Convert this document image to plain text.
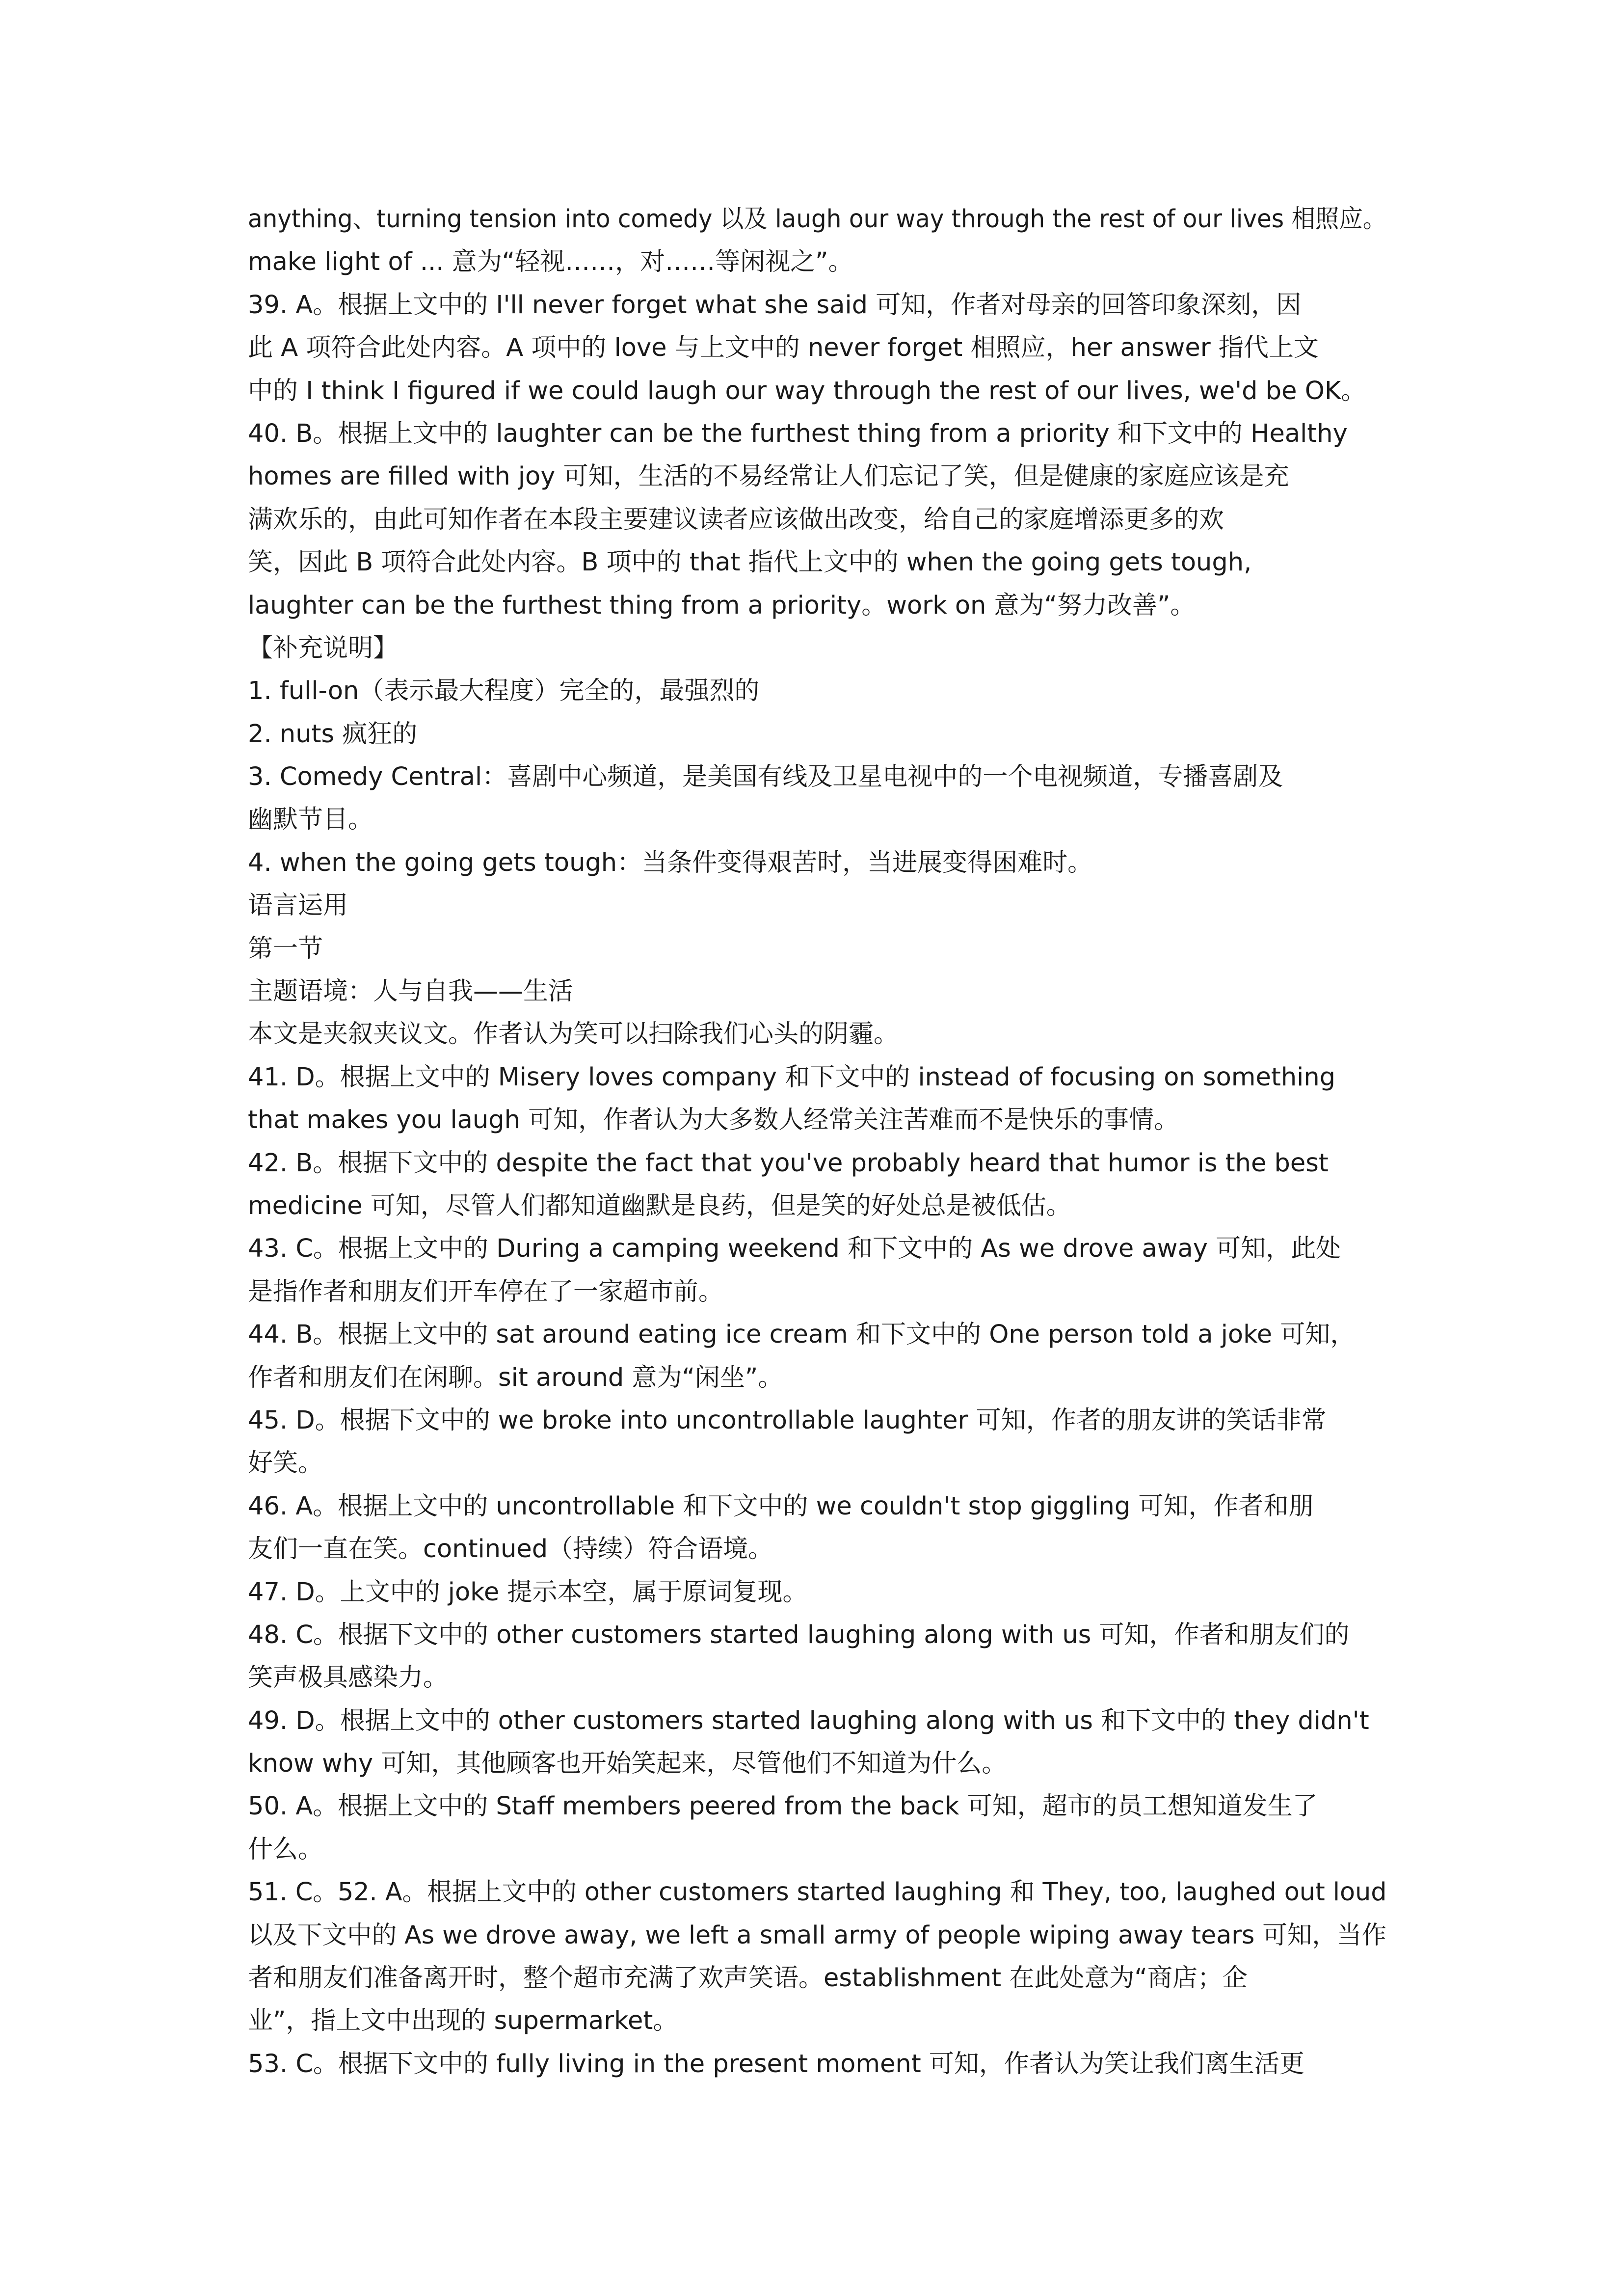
anything、turning tension into comedy 以及 laugh our way through the rest of our lives 相照应。
make light of ... 意为“轻视……，对……等闲视之”。
39. A。根据上文中的 I'll never forget what she said 可知，作者对母亲的回答印象深刻，因
此 A 项符合此处内容。A 项中的 love 与上文中的 never forget 相照应，her answer 指代上文
中的 I think I figured if we could laugh our way through the rest of our lives, we'd be OK。
40. B。根据上文中的 laughter can be the furthest thing from a priority 和下文中的 Healthy
homes are filled with joy 可知，生活的不易经常让人们忘记了笑，但是健康的家庭应该是充
满欢乐的，由此可知作者在本段主要建议读者应该做出改变，给自己的家庭增添更多的欢
笑，因此 B 项符合此处内容。B 项中的 that 指代上文中的 when the going gets tough,
laughter can be the furthest thing from a priority。work on 意为“努力改善”。
【补充说明】
1. full-on（表示最大程度）完全的，最强烈的
2. nuts 疯狂的
3. Comedy Central：喜剧中心频道，是美国有线及卫星电视中的一个电视频道，专播喜剧及
幽默节目。
4. when the going gets tough：当条件变得艰苦时，当进展变得困难时。
语言运用
第一节
主题语境：人与自我——生活
本文是夹叙夹议文。作者认为笑可以扫除我们心头的阴霾。
41. D。根据上文中的 Misery loves company 和下文中的 instead of focusing on something
that makes you laugh 可知，作者认为大多数人经常关注苦难而不是快乐的事情。
42. B。根据下文中的 despite the fact that you've probably heard that humor is the best
medicine 可知，尽管人们都知道幽默是良药，但是笑的好处总是被低估。
43. C。根据上文中的 During a camping weekend 和下文中的 As we drove away 可知，此处
是指作者和朋友们开车停在了一家超市前。
44. B。根据上文中的 sat around eating ice cream 和下文中的 One person told a joke 可知，
作者和朋友们在闲聊。sit around 意为“闲坐”。
45. D。根据下文中的 we broke into uncontrollable laughter 可知，作者的朋友讲的笑话非常
好笑。
46. A。根据上文中的 uncontrollable 和下文中的 we couldn't stop giggling 可知，作者和朋
友们一直在笑。continued（持续）符合语境。
47. D。上文中的 joke 提示本空，属于原词复现。
48. C。根据下文中的 other customers started laughing along with us 可知，作者和朋友们的
笑声极具感染力。
49. D。根据上文中的 other customers started laughing along with us 和下文中的 they didn't
know why 可知，其他顾客也开始笑起来，尽管他们不知道为什么。
50. A。根据上文中的 Staff members peered from the back 可知，超市的员工想知道发生了
什么。
51. C。52. A。根据上文中的 other customers started laughing 和 They, too, laughed out loud
以及下文中的 As we drove away, we left a small army of people wiping away tears 可知，当作
者和朋友们准备离开时，整个超市充满了欢声笑语。establishment 在此处意为“商店；企
业”，指上文中出现的 supermarket。
53. C。根据下文中的 fully living in the present moment 可知，作者认为笑让我们离生活更
